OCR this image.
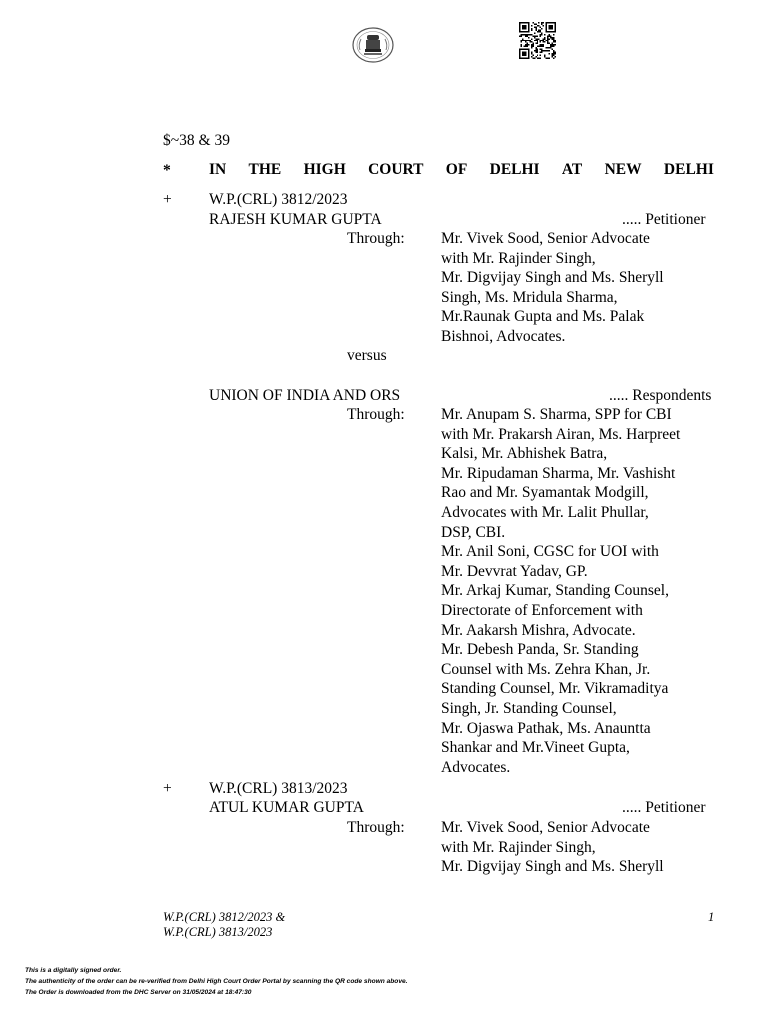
$~38 & 39
* IN THE HIGH COURT OF DELHI AT NEW DELHI
+ W.P.(CRL) 3812/2023
RAJESH KUMAR GUPTA	..... Petitioner
Through: Mr. Vivek Sood, Senior Advocate
with Mr. Rajinder Singh,
Mr. Digvijay Singh and Ms. Sheryll
Singh, Ms. Mridula Sharma,
Mr.Raunak Gupta and Ms. Palak
Bishnoi, Advocates.
versus
UNION OF INDIA AND ORS	..... Respondents
Through: Mr. Anupam S. Sharma, SPP for CBI
with Mr. Prakarsh Airan, Ms. Harpreet
Kalsi, Mr. Abhishek Batra,
Mr. Ripudaman Sharma, Mr. Vashisht
Rao and Mr. Syamantak Modgill,
Advocates with Mr. Lalit Phullar,
DSP, CBI.
Mr. Anil Soni, CGSC for UOI with
Mr. Devvrat Yadav, GP.
Mr. Arkaj Kumar, Standing Counsel,
Directorate of Enforcement with
Mr. Aakarsh Mishra, Advocate.
Mr. Debesh Panda, Sr. Standing
Counsel with Ms. Zehra Khan, Jr.
Standing Counsel, Mr. Vikramaditya
Singh, Jr. Standing Counsel,
Mr. Ojaswa Pathak, Ms. Anauntta
Shankar and Mr.Vineet Gupta,
Advocates.
+ W.P.(CRL) 3813/2023
ATUL KUMAR GUPTA	..... Petitioner
Through: Mr. Vivek Sood, Senior Advocate
with Mr. Rajinder Singh,
Mr. Digvijay Singh and Ms. Sheryll
W.P.(CRL) 3812/2023 &
W.P.(CRL) 3813/2023
1
This is a digitally signed order.
The authenticity of the order can be re-verified from Delhi High Court Order Portal by scanning the QR code shown above.
The Order is downloaded from the DHC Server on 31/05/2024 at 18:47:30
